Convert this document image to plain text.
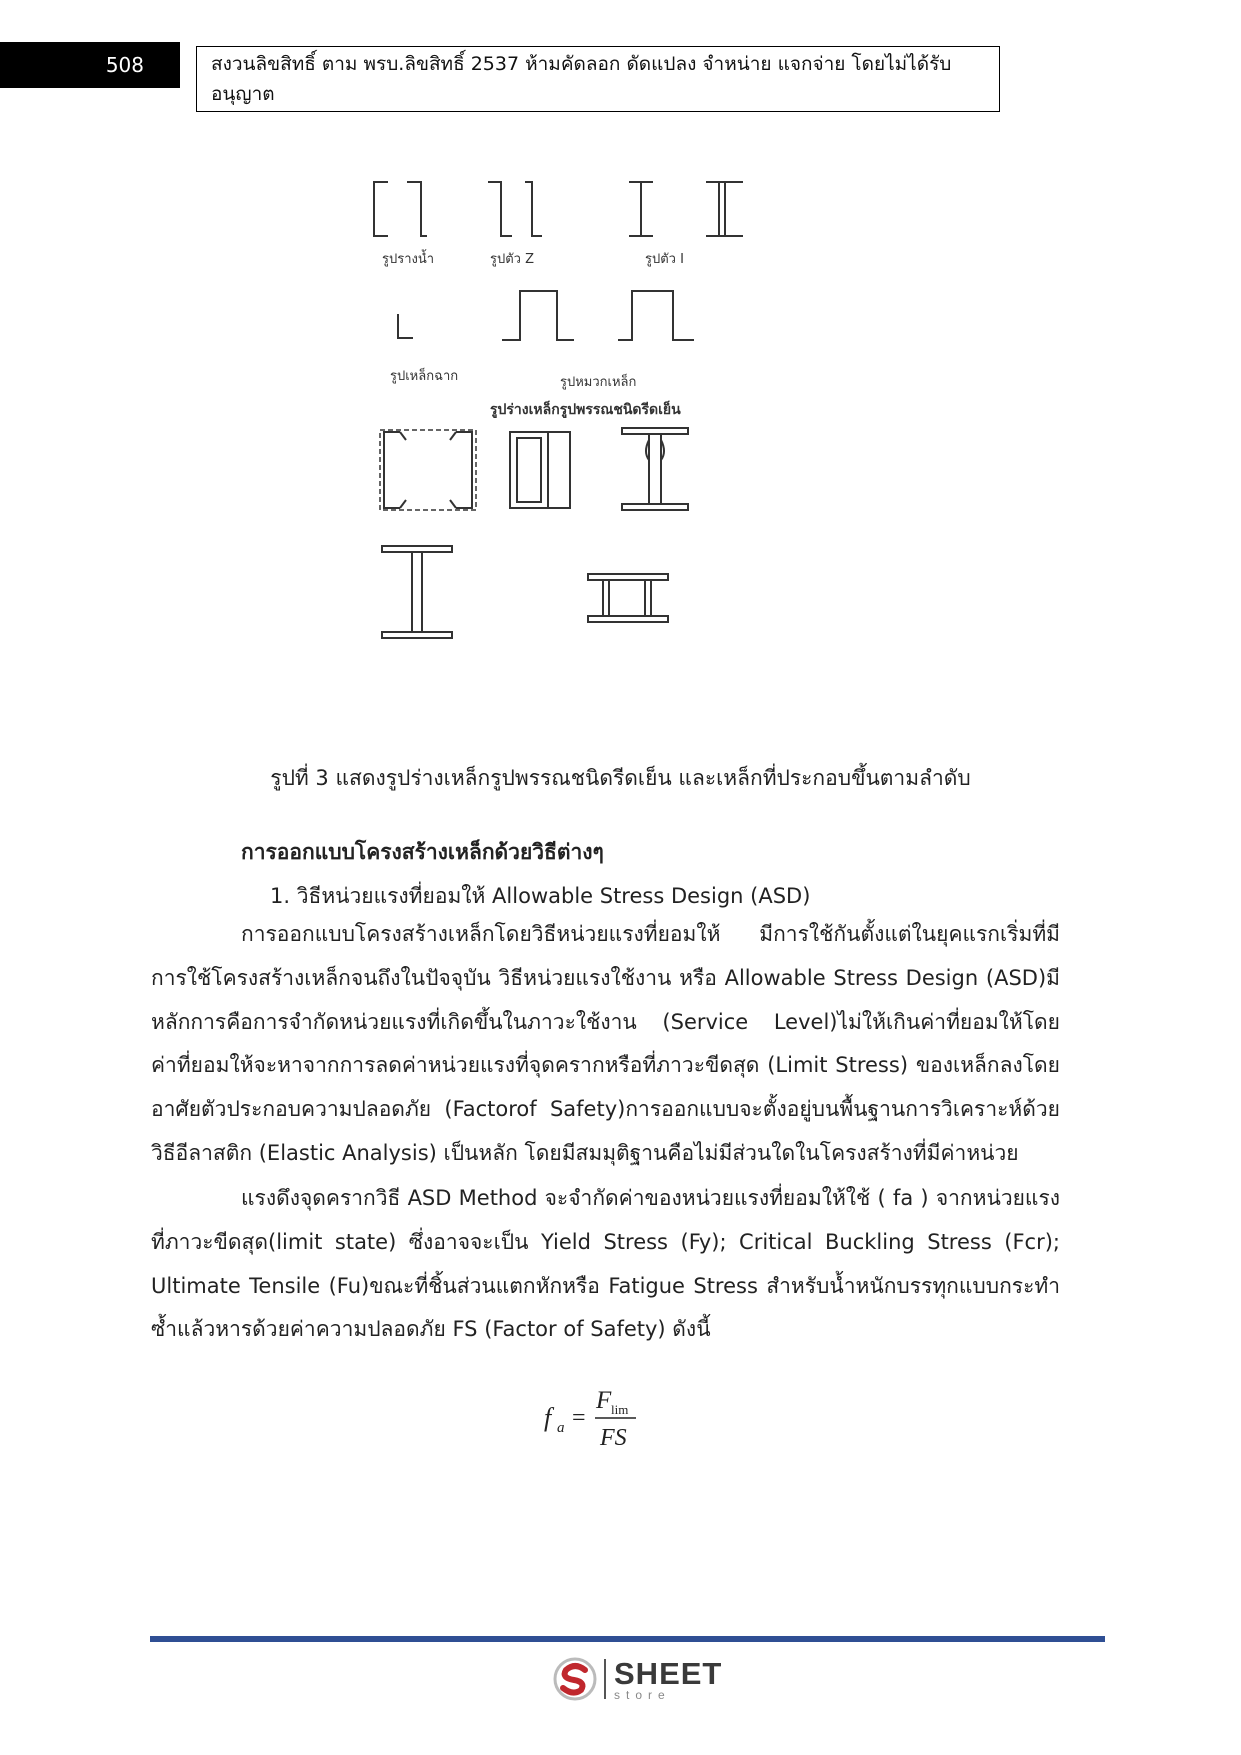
508	สงวนลิขสิทธิ์ ตาม พรบ.ลิขสิทธิ์ 2537 ห้ามคัดลอก ดัดแปลง จำหน่าย แจกจ่าย โดยไม่ได้รับอนุญาต
รูปรางน้ำ	รูปตัว Z	รูปตัว I
รูปเหล็กฉาก	รูปหมวกเหล็ก
รูปร่างเหล็กรูปพรรณชนิดรีดเย็น
รูปที่ 3 แสดงรูปร่างเหล็กรูปพรรณชนิดรีดเย็น และเหล็กที่ประกอบขึ้นตามลำดับ
การออกแบบโครงสร้างเหล็กด้วยวิธีต่างๆ
1. วิธีหน่วยแรงที่ยอมให้ Allowable Stress Design (ASD)

การออกแบบโครงสร้างเหล็กโดยวิธีหน่วยแรงที่ยอมให้ มีการใช้กันตั้งแต่ในยุคแรกเริ่มที่มีการใช้โครงสร้างเหล็กจนถึงในปัจจุบัน วิธีหน่วยแรงใช้งาน หรือ Allowable Stress Design (ASD)มีหลักการคือการจำกัดหน่วยแรงที่เกิดขึ้นในภาวะใช้งาน (Service Level)ไม่ให้เกินค่าที่ยอมให้โดยค่าที่ยอมให้จะหาจากการลดค่าหน่วยแรงที่จุดครากหรือที่ภาวะขีดสุด (Limit Stress) ของเหล็กลงโดยอาศัยตัวประกอบความปลอดภัย (Factorof Safety)การออกแบบจะตั้งอยู่บนพื้นฐานการวิเคราะห์ด้วยวิธีอีลาสติก (Elastic Analysis) เป็นหลัก โดยมีสมมุติฐานคือไม่มีส่วนใดในโครงสร้างที่มีค่าหน่วย

แรงดึงจุดครากวิธี ASD Method จะจำกัดค่าของหน่วยแรงที่ยอมให้ใช้ ( fa ) จากหน่วยแรงที่ภาวะขีดสุด(limit state) ซึ่งอาจจะเป็น Yield Stress (Fy); Critical Buckling Stress (Fcr); Ultimate Tensile (Fu)ขณะที่ชิ้นส่วนแตกหักหรือ Fatigue Stress สำหรับน้ำหนักบรรทุกแบบกระทำซ้ำแล้วหารด้วยค่าความปลอดภัย FS (Factor of Safety) ดังนี้

f a =
F lim
FS
SHEET
store
